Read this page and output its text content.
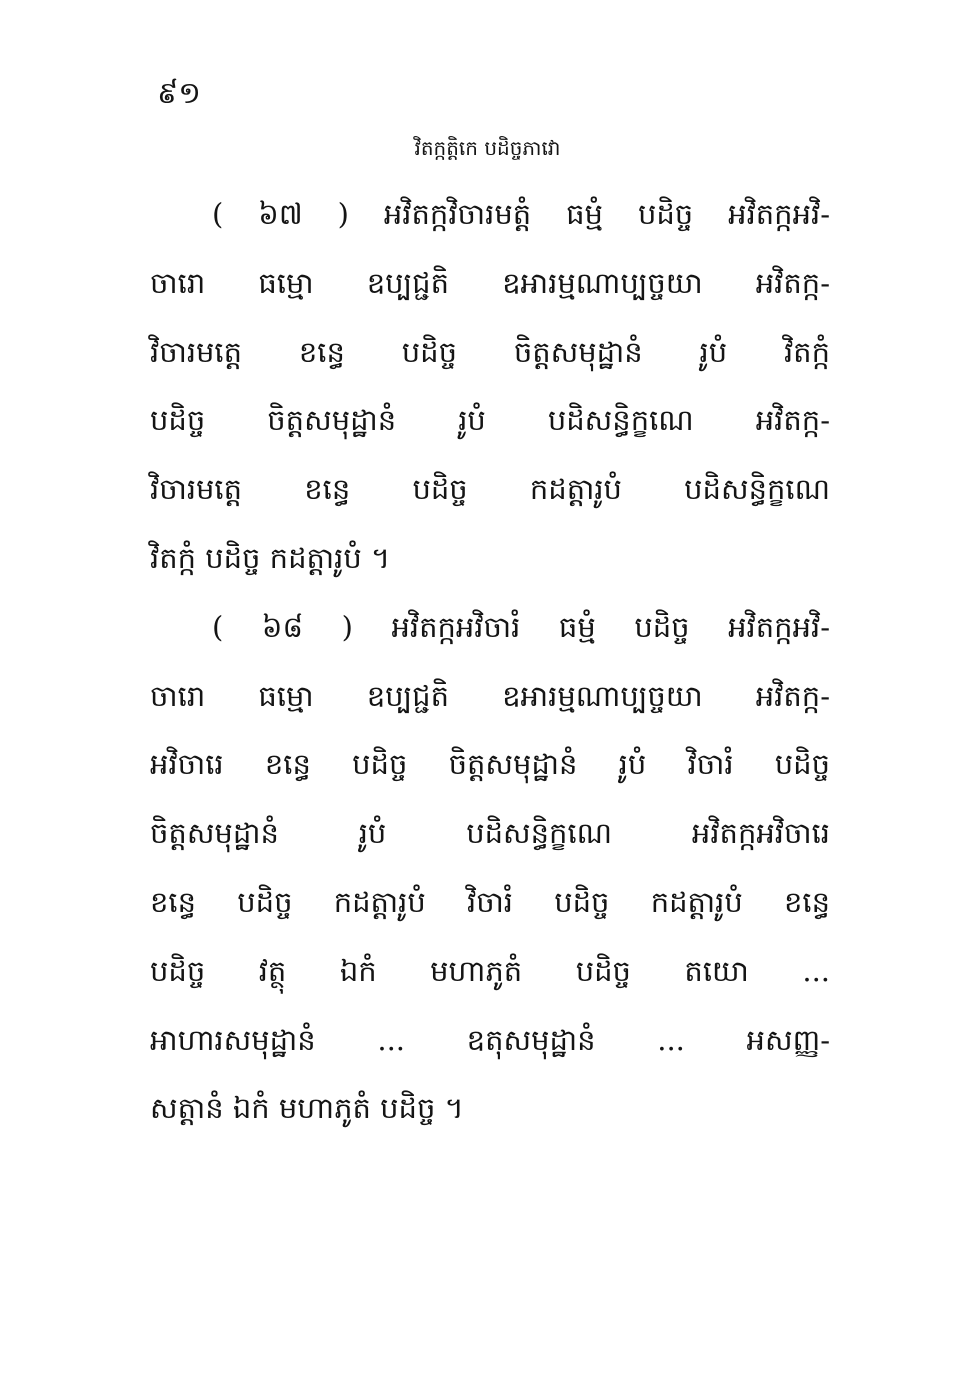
៩១
វិតក្កត្តិកេ បដិច្ចភាវោ
( ៦៧ ) អវិតក្កវិចារមត្តំ ធម្មំ បដិច្ច អវិតក្កអវិ-
ចារោ ធម្មោ ឧប្បជ្ជតិ ឧអារម្មណាប្បច្ចយា អវិតក្ក-
វិចារមត្តេ ខន្ធេ បដិច្ច ចិត្តសមុដ្ឋានំ រូបំ វិតក្កំ
បដិច្ច ចិត្តសមុដ្ឋានំ រូបំ បដិសន្ធិក្ខណេ អវិតក្ក-
វិចារមត្តេ ខន្ធេ បដិច្ច កដត្តារូបំ បដិសន្ធិក្ខណេ
វិតក្កំ បដិច្ច កដត្តារូបំ ។
( ៦៨ ) អវិតក្កអវិចារំ ធម្មំ បដិច្ច អវិតក្កអវិ-
ចារោ ធម្មោ ឧប្បជ្ជតិ ឧអារម្មណាប្បច្ចយា អវិតក្ក-
អវិចារេ ខន្ធេ បដិច្ច ចិត្តសមុដ្ឋានំ រូបំ វិចារំ បដិច្ច
ចិត្តសមុដ្ឋានំ រូបំ បដិសន្ធិក្ខណេ អវិតក្កអវិចារេ
ខន្ធេ បដិច្ច កដត្តារូបំ វិចារំ បដិច្ច កដត្តារូបំ ខន្ធេ
បដិច្ច វត្ថុ ឯកំ មហាភូតំ បដិច្ច តយោ ...
អាហារសមុដ្ឋានំ ... ឧតុសមុដ្ឋានំ ... អសញ្ញ-
សត្តានំ ឯកំ មហាភូតំ បដិច្ច ។
